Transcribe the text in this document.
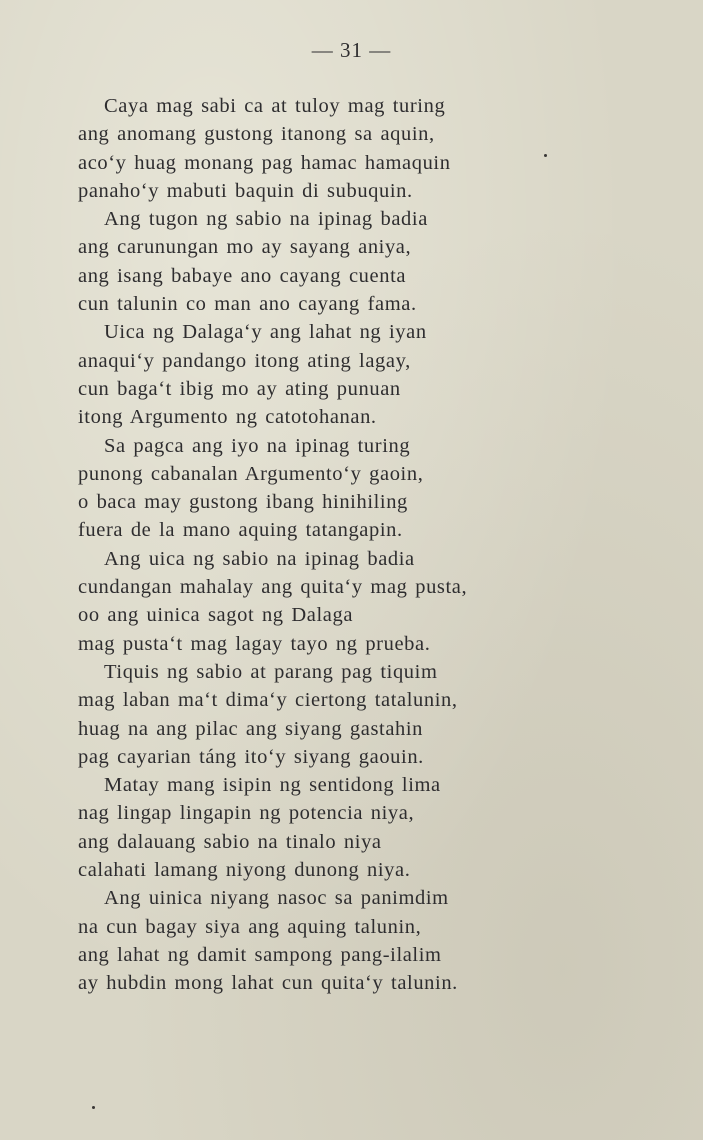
— 31 —
Caya mag sabi ca at tuloy mag turing
ang anomang gustong itanong sa aquin,
aco‘y huag monang pag hamac hamaquin
panaho‘y mabuti baquin di subuquin.
Ang tugon ng sabio na ipinag badia
ang carunungan mo ay sayang aniya,
ang isang babaye ano cayang cuenta
cun talunin co man ano cayang fama.
Uica ng Dalaga‘y ang lahat ng iyan
anaqui‘y pandango itong ating lagay,
cun baga‘t ibig mo ay ating punuan
itong Argumento ng catotohanan.
Sa pagca ang iyo na ipinag turing
punong cabanalan Argumento‘y gaoin,
o baca may gustong ibang hinihiling
fuera de la mano aquing tatangapin.
Ang uica ng sabio na ipinag badia
cundangan mahalay ang quita‘y mag pusta,
oo ang uinica sagot ng Dalaga
mag pusta‘t mag lagay tayo ng prueba.
Tiquis ng sabio at parang pag tiquim
mag laban ma‘t dima‘y ciertong tatalunin,
huag na ang pilac ang siyang gastahin
pag cayarian táng ito‘y siyang gaouin.
Matay mang isipin ng sentidong lima
nag lingap lingapin ng potencia niya,
ang dalauang sabio na tinalo niya
calahati lamang niyong dunong niya.
Ang uinica niyang nasoc sa panimdim
na cun bagay siya ang aquing talunin,
ang lahat ng damit sampong pang-ilalim
ay hubdin mong lahat cun quita‘y talunin.
